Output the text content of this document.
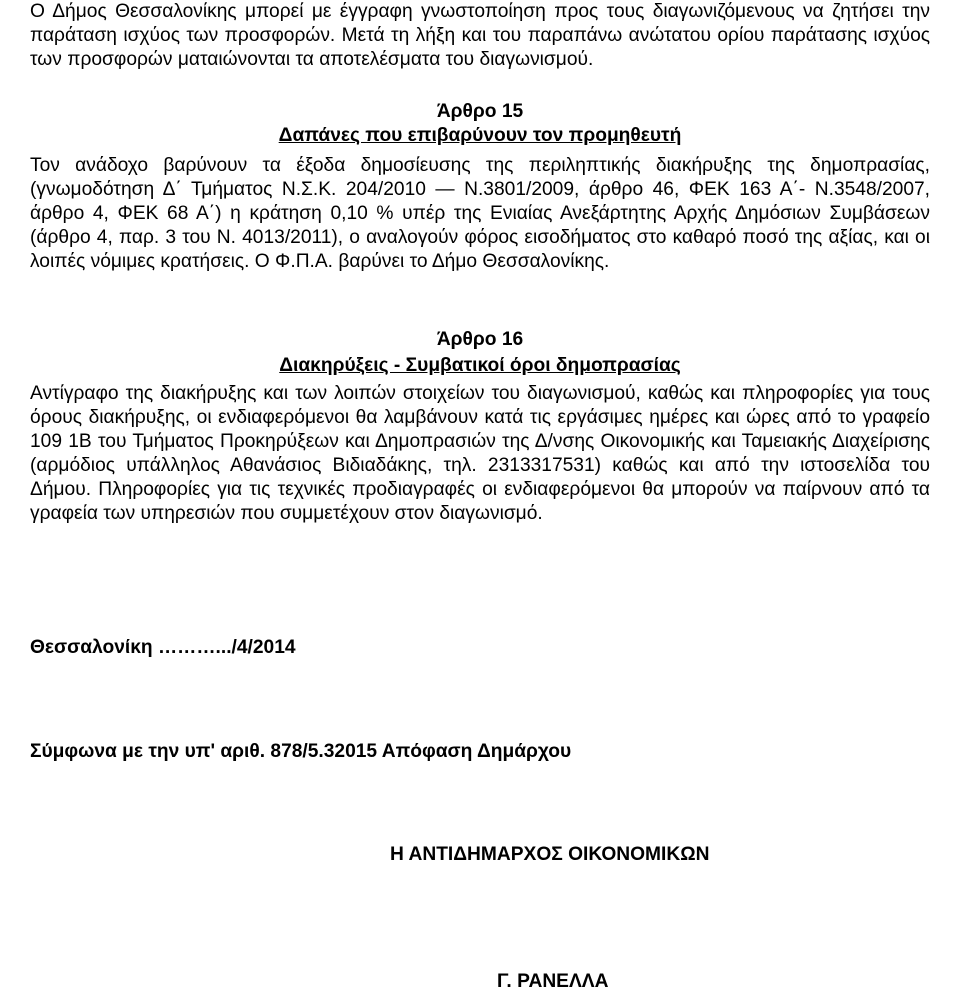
Ο Δήμος Θεσσαλονίκης μπορεί με έγγραφη γνωστοποίηση προς τους διαγωνιζόμενους να ζητήσει την παράταση ισχύος των προσφορών. Μετά τη λήξη και του παραπάνω ανώτατου ορίου παράτασης ισχύος των προσφορών ματαιώνονται τα αποτελέσματα του διαγωνισμού.
Άρθρο 15
Δαπάνες που επιβαρύνουν τον προμηθευτή
Τον ανάδοχο βαρύνουν τα έξοδα δημοσίευσης της περιληπτικής διακήρυξης της δημοπρασίας, (γνωμοδότηση Δ΄ Τμήματος Ν.Σ.Κ. 204/2010 — Ν.3801/2009, άρθρο 46, ΦΕΚ 163 Α΄- Ν.3548/2007, άρθρο 4, ΦΕΚ 68 Α΄) η κράτηση 0,10 % υπέρ της Ενιαίας Ανεξάρτητης Αρχής Δημόσιων Συμβάσεων (άρθρο 4, παρ. 3 του Ν. 4013/2011), ο αναλογούν φόρος εισοδήματος στο καθαρό ποσό της αξίας, και οι λοιπές νόμιμες κρατήσεις. Ο Φ.Π.Α. βαρύνει το Δήμο Θεσσαλονίκης.
Άρθρο 16
Διακηρύξεις - Συμβατικοί όροι δημοπρασίας
Αντίγραφο της διακήρυξης και των λοιπών στοιχείων του διαγωνισμού, καθώς και πληροφορίες για τους όρους διακήρυξης, οι ενδιαφερόμενοι θα λαμβάνουν κατά τις εργάσιμες ημέρες και ώρες από το γραφείο 109 1Β του Τμήματος Προκηρύξεων και Δημοπρασιών της Δ/νσης Οικονομικής και Ταμειακής Διαχείρισης (αρμόδιος υπάλληλος Αθανάσιος Βιδιαδάκης, τηλ. 2313317531) καθώς και από την ιστοσελίδα του Δήμου. Πληροφορίες για τις τεχνικές προδιαγραφές οι ενδιαφερόμενοι θα μπορούν να παίρνουν από τα γραφεία των υπηρεσιών που συμμετέχουν στον διαγωνισμό.
Θεσσαλονίκη ……….../4/2014
Σύμφωνα με την υπ' αριθ. 878/5.32015 Απόφαση Δημάρχου
Η ΑΝΤΙΔΗΜΑΡΧΟΣ ΟΙΚΟΝΟΜΙΚΩΝ
Γ. ΡΑΝΕΛΛΑ
